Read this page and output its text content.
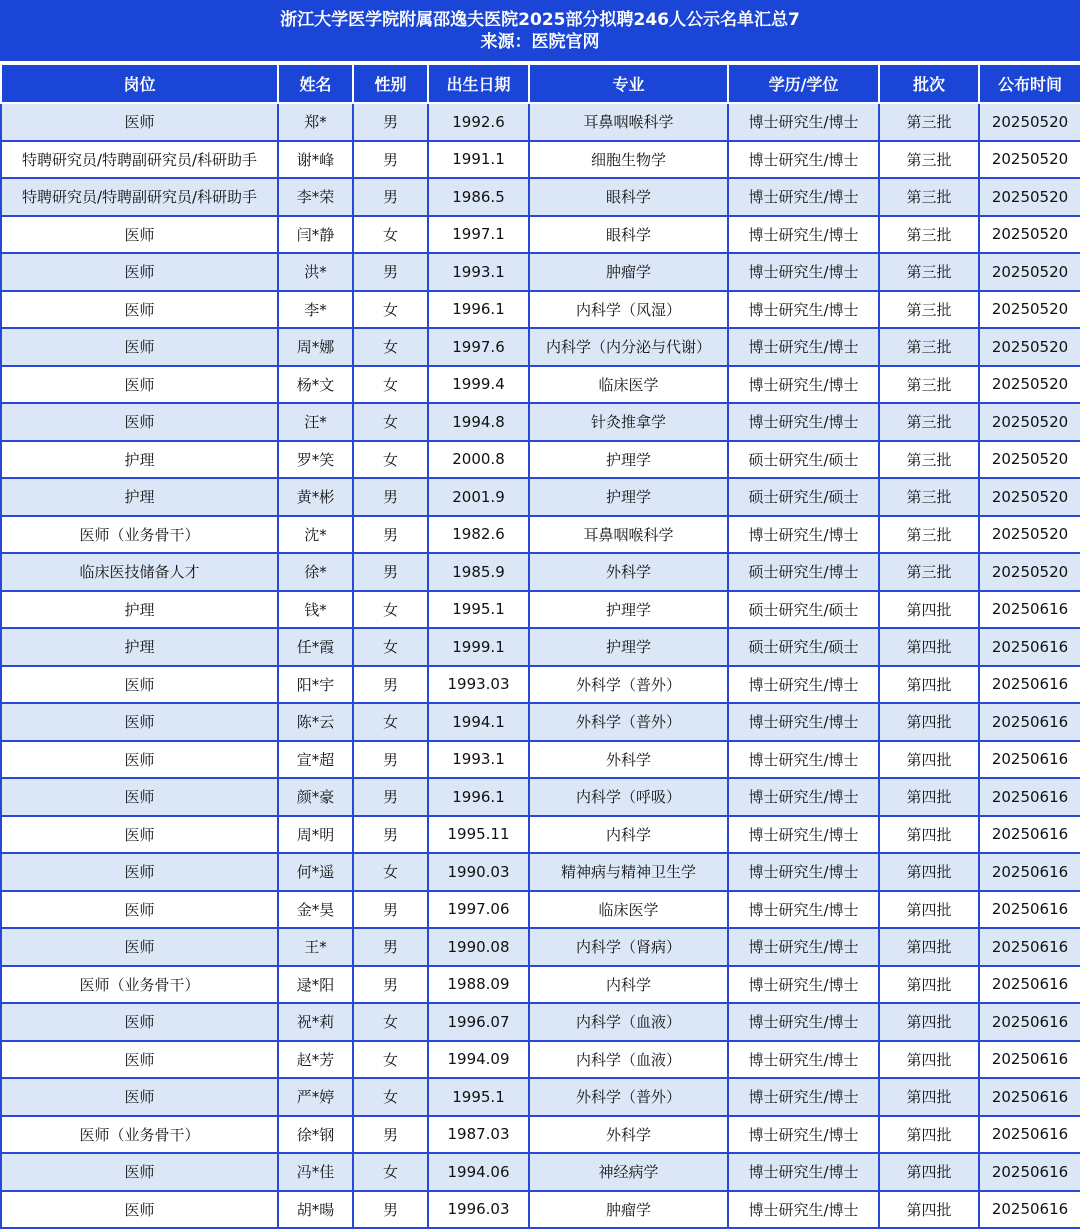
浙江大学医学院附属邵逸夫医院2025部分拟聘246人公示名单汇总7
来源：医院官网
岗位	姓名	性别	出生日期	专业	学历/学位	批次	公布时间
医师	郑*	男	1992.6	耳鼻咽喉科学	博士研究生/博士	第三批	20250520
特聘研究员/特聘副研究员/科研助手	谢*峰	男	1991.1	细胞生物学	博士研究生/博士	第三批	20250520
特聘研究员/特聘副研究员/科研助手	李*荣	男	1986.5	眼科学	博士研究生/博士	第三批	20250520
医师	闫*静	女	1997.1	眼科学	博士研究生/博士	第三批	20250520
医师	洪*	男	1993.1	肿瘤学	博士研究生/博士	第三批	20250520
医师	李*	女	1996.1	内科学（风湿）	博士研究生/博士	第三批	20250520
医师	周*娜	女	1997.6	内科学（内分泌与代谢）	博士研究生/博士	第三批	20250520
医师	杨*文	女	1999.4	临床医学	博士研究生/博士	第三批	20250520
医师	汪*	女	1994.8	针灸推拿学	博士研究生/博士	第三批	20250520
护理	罗*笑	女	2000.8	护理学	硕士研究生/硕士	第三批	20250520
护理	黄*彬	男	2001.9	护理学	硕士研究生/硕士	第三批	20250520
医师（业务骨干）	沈*	男	1982.6	耳鼻咽喉科学	博士研究生/博士	第三批	20250520
临床医技储备人才	徐*	男	1985.9	外科学	硕士研究生/博士	第三批	20250520
护理	钱*	女	1995.1	护理学	硕士研究生/硕士	第四批	20250616
护理	任*霞	女	1999.1	护理学	硕士研究生/硕士	第四批	20250616
医师	阳*宇	男	1993.03	外科学（普外）	博士研究生/博士	第四批	20250616
医师	陈*云	女	1994.1	外科学（普外）	博士研究生/博士	第四批	20250616
医师	宣*超	男	1993.1	外科学	博士研究生/博士	第四批	20250616
医师	颜*豪	男	1996.1	内科学（呼吸）	博士研究生/博士	第四批	20250616
医师	周*明	男	1995.11	内科学	博士研究生/博士	第四批	20250616
医师	何*遥	女	1990.03	精神病与精神卫生学	博士研究生/博士	第四批	20250616
医师	金*昊	男	1997.06	临床医学	博士研究生/博士	第四批	20250616
医师	王*	男	1990.08	内科学（肾病）	博士研究生/博士	第四批	20250616
医师（业务骨干）	逯*阳	男	1988.09	内科学	博士研究生/博士	第四批	20250616
医师	祝*莉	女	1996.07	内科学（血液）	博士研究生/博士	第四批	20250616
医师	赵*芳	女	1994.09	内科学（血液）	博士研究生/博士	第四批	20250616
医师	严*婷	女	1995.1	外科学（普外）	博士研究生/博士	第四批	20250616
医师（业务骨干）	徐*钢	男	1987.03	外科学	博士研究生/博士	第四批	20250616
医师	冯*佳	女	1994.06	神经病学	博士研究生/博士	第四批	20250616
医师	胡*暘	男	1996.03	肿瘤学	博士研究生/博士	第四批	20250616
